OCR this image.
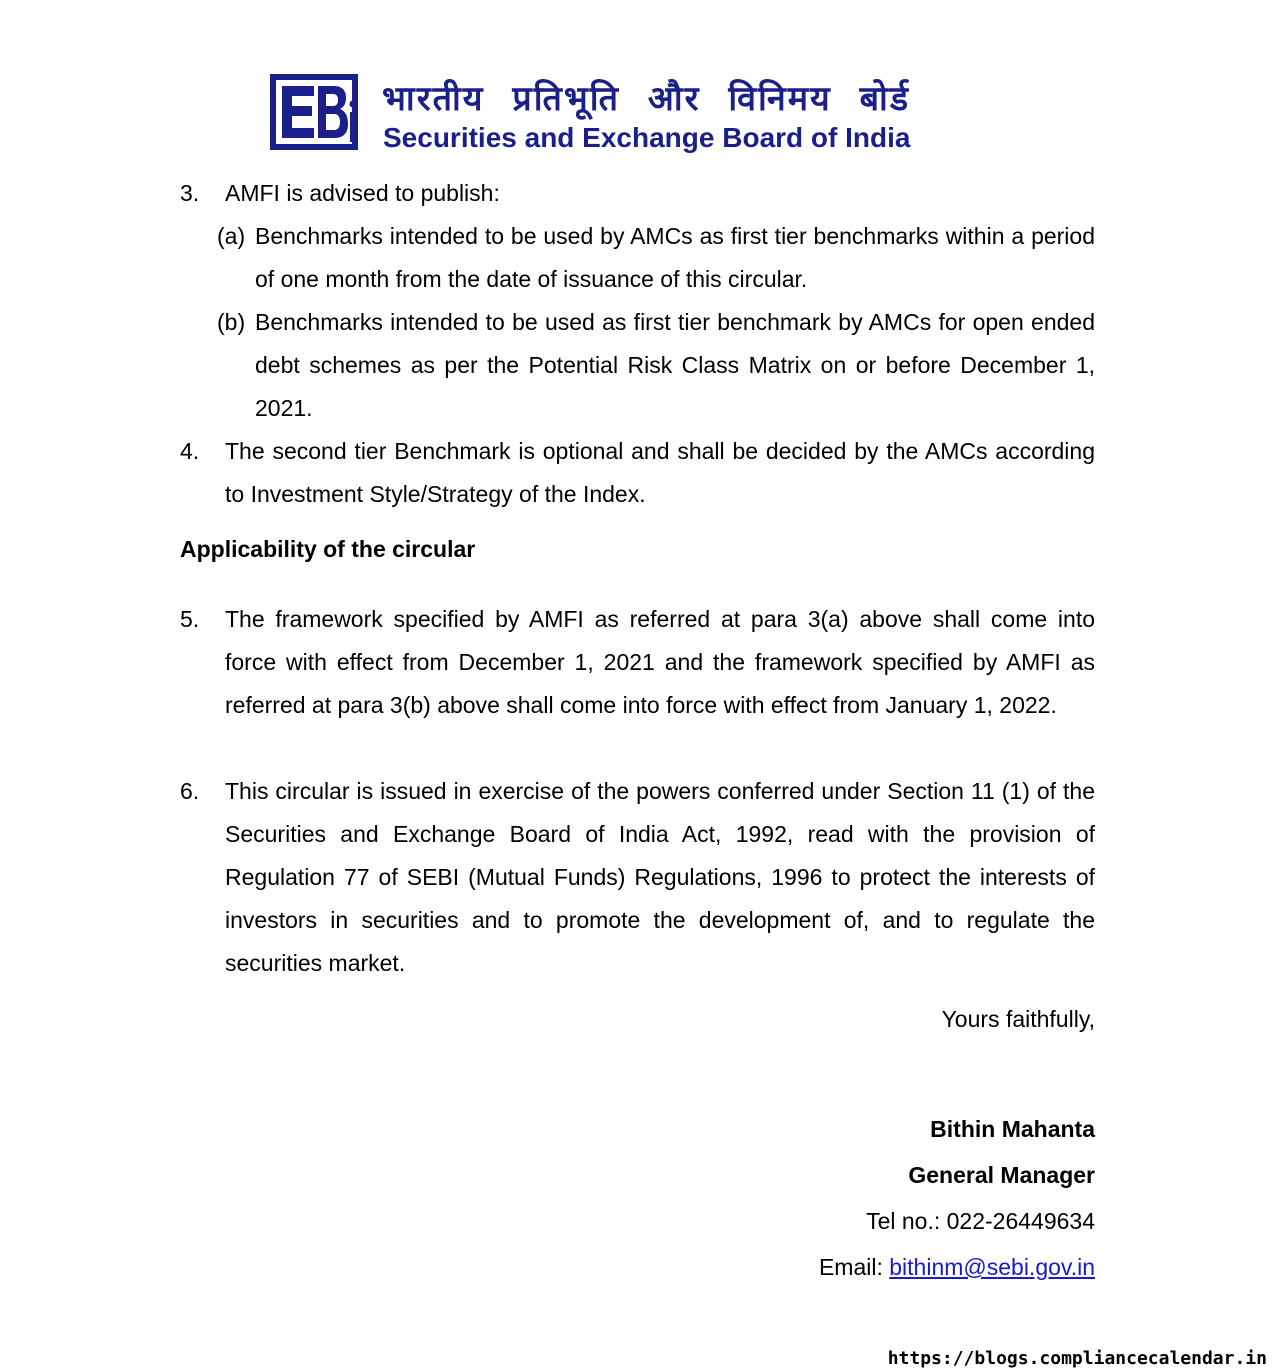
भारतीय प्रतिभूति और विनिमय बोर्ड
Securities and Exchange Board of India
3.	AMFI is advised to publish:
(a) Benchmarks intended to be used by AMCs as first tier benchmarks within a period of one month from the date of issuance of this circular.
(b) Benchmarks intended to be used as first tier benchmark by AMCs for open ended debt schemes as per the Potential Risk Class Matrix on or before December 1, 2021.
4.	The second tier Benchmark is optional and shall be decided by the AMCs according to Investment Style/Strategy of the Index.
Applicability of the circular
5.	The framework specified by AMFI as referred at para 3(a) above shall come into force with effect from December 1, 2021 and the framework specified by AMFI as referred at para 3(b) above shall come into force with effect from January 1, 2022.
6.	This circular is issued in exercise of the powers conferred under Section 11 (1) of the Securities and Exchange Board of India Act, 1992, read with the provision of Regulation 77 of SEBI (Mutual Funds) Regulations, 1996 to protect the interests of investors in securities and to promote the development of, and to regulate the securities market.
Yours faithfully,
Bithin Mahanta
General Manager
Tel no.: 022-26449634
Email: bithinm@sebi.gov.in
https://blogs.compliancecalendar.in
